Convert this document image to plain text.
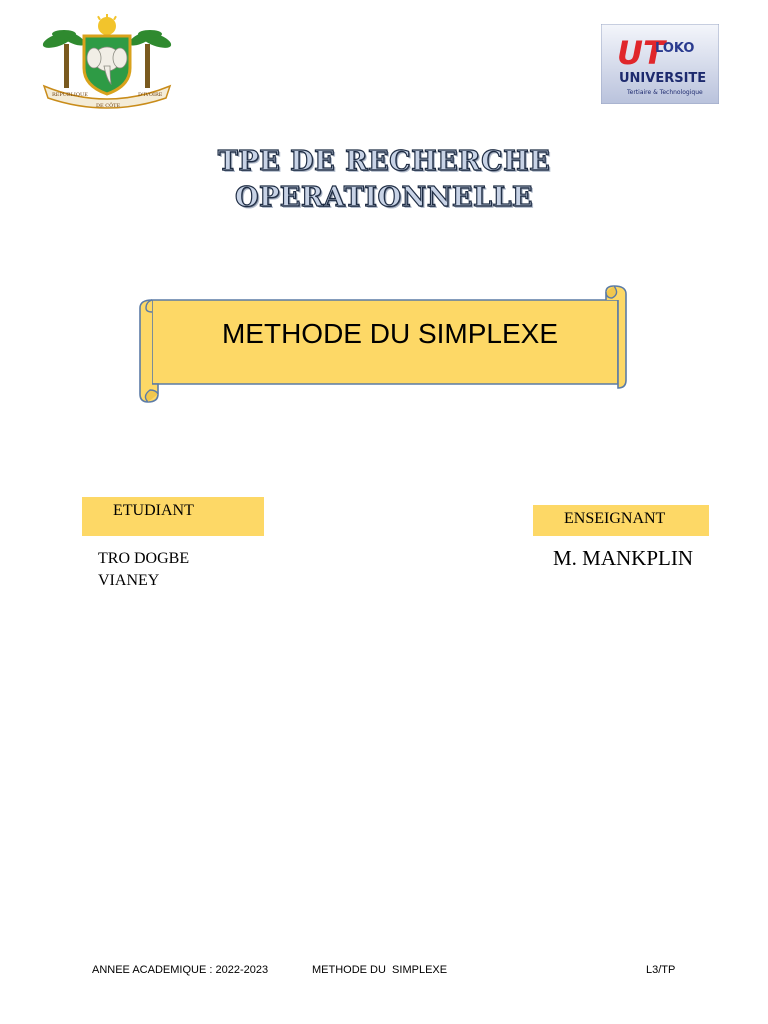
REPUBLIQUE
DE CÔTE
D'IVOIRE
UT
LOKO
UNIVERSITE
Tertiaire & Technologique
TPE DE RECHERCHE
OPERATIONNELLE
METHODE DU SIMPLEXE
ETUDIANT
TRO DOGBE
VIANEY
ENSEIGNANT
M. MANKPLIN
ANNEE ACADEMIQUE : 2022-2023	METHODE DU  SIMPLEXE	L3/TP
